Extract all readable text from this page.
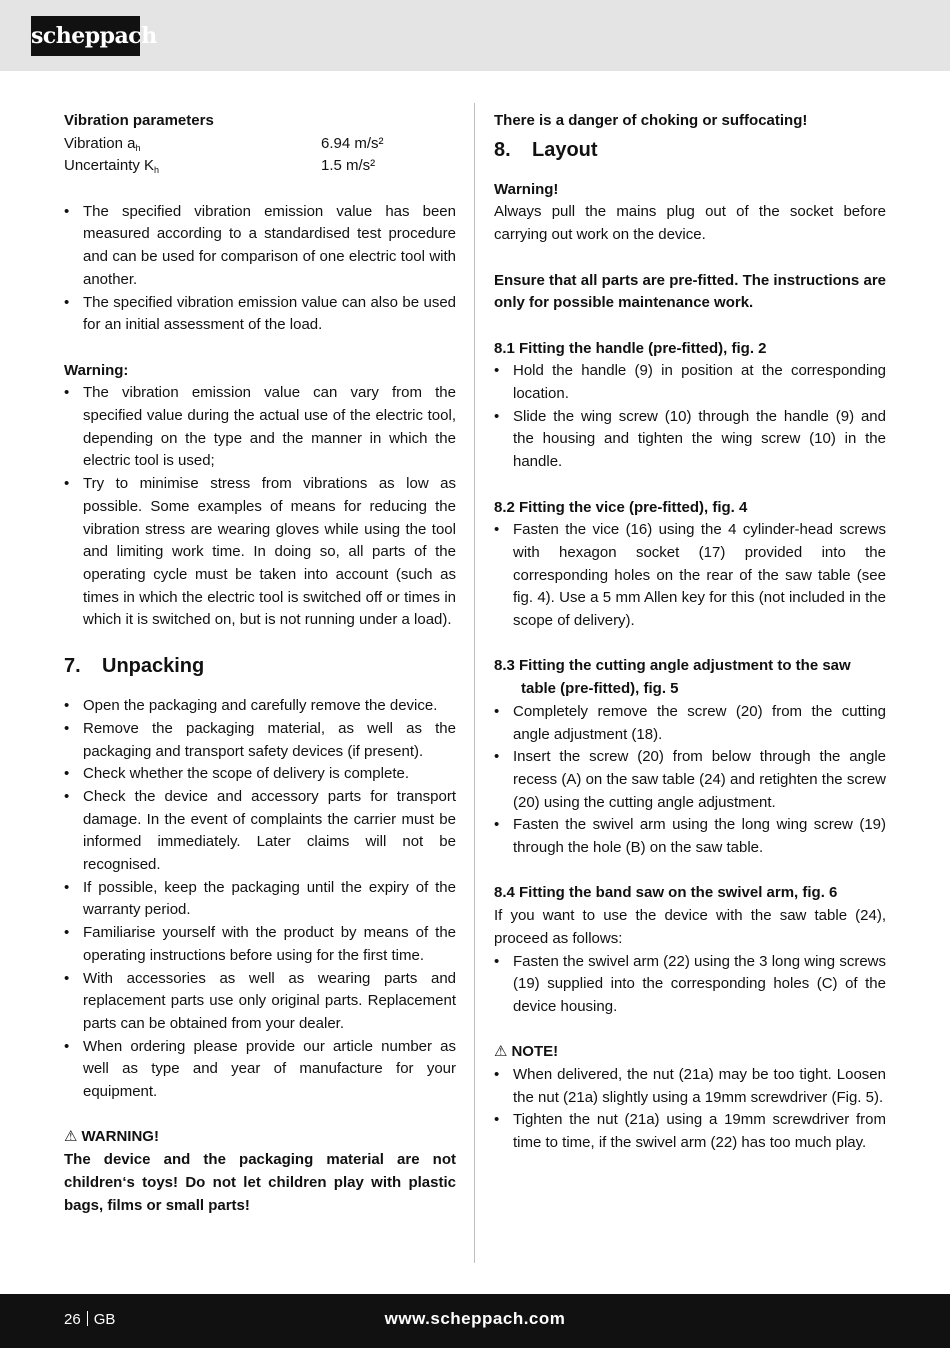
scheppach

Vibration parameters

Vibration $a_h$	6.94 m/s²
Uncertainty $K_h$	1.5 m/s²
• The specified vibration emission value has been measured according to a standardised test procedure and can be used for comparison of one electric tool with another.
• The specified vibration emission value can also be used for an initial assessment of the load.

Warning:

• The vibration emission value can vary from the specified value during the actual use of the electric tool, depending on the type and the manner in which the electric tool is used;
• Try to minimise stress from vibrations as low as possible. Some examples of means for reducing the vibration stress are wearing gloves while using the tool and limiting work time. In doing so, all parts of the operating cycle must be taken into account (such as times in which the electric tool is switched off or times in which it is switched on, but is not running under a load).
7. Unpacking
• Open the packaging and carefully remove the device.
• Remove the packaging material, as well as the packaging and transport safety devices (if present).
• Check whether the scope of delivery is complete.
• Check the device and accessory parts for transport damage. In the event of complaints the carrier must be informed immediately. Later claims will not be recognised.
• If possible, keep the packaging until the expiry of the warranty period.
• Familiarise yourself with the product by means of the operating instructions before using for the first time.
• With accessories as well as wearing parts and replacement parts use only original parts. Replacement parts can be obtained from your dealer.
• When ordering please provide our article number as well as type and year of manufacture for your equipment.

⚠ WARNING!

The device and the packaging material are not children‘s toys! Do not let children play with plastic bags, films or small parts!

There is a danger of choking or suffocating!

8. Layout

Warning!

Always pull the mains plug out of the socket before carrying out work on the device.

Ensure that all parts are pre-fitted. The instructions are only for possible maintenance work.

8.1 Fitting the handle (pre-fitted), fig. 2

• Hold the handle (9) in position at the corresponding location.
• Slide the wing screw (10) through the handle (9) and the housing and tighten the wing screw (10) in the handle.

8.2 Fitting the vice (pre-fitted), fig. 4

• Fasten the vice (16) using the 4 cylinder-head screws with hexagon socket (17) provided into the corresponding holes on the rear of the saw table (see fig. 4). Use a 5 mm Allen key for this (not included in the scope of delivery).

8.3 Fitting the cutting angle adjustment to the saw
table (pre-fitted), fig. 5

• Completely remove the screw (20) from the cutting angle adjustment (18).
• Insert the screw (20) from below through the angle recess (A) on the saw table (24) and retighten the screw (20) using the cutting angle adjustment.
• Fasten the swivel arm using the long wing screw (19) through the hole (B) on the saw table.

8.4 Fitting the band saw on the swivel arm, fig. 6

If you want to use the device with the saw table (24), proceed as follows:

• Fasten the swivel arm (22) using the 3 long wing screws (19) supplied into the corresponding holes (C) of the device housing.

⚠ NOTE!

• When delivered, the nut (21a) may be too tight. Loosen the nut (21a) slightly using a 19mm screwdriver (Fig. 5).
• Tighten the nut (21a) using a 19mm screwdriver from time to time, if the swivel arm (22) has too much play.
26 GB	www.scheppach.com
